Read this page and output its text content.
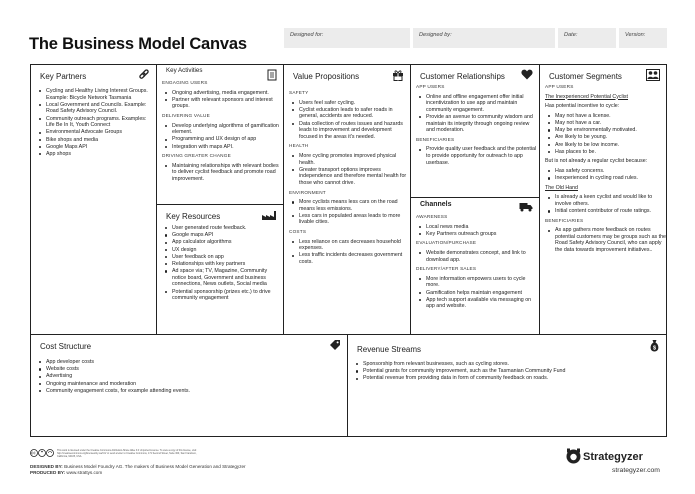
The Business Model Canvas	Designed for:	Designed by:	Date:	Version:
Key Partners
Cycling and Healthy Living Interest Groups. Example: Bicycle Network Tasmania
Local Government and Councils. Example: Road Safety Advisory Council.
Community outreach programs. Examples: Life Be In It, Youth Connect
Environmental Advocate Groups
Bike shops and media
Google Maps API
App shops
Key Activities
ENGAGING USERS
Ongoing advertising, media engagement.
Partner with relevant sponsors and interest groups.
DELIVERING VALUE
Develop underlying algorithms of gamification element.
Programming and UX design of app
Integration with maps API.
DRIVING GREATER CHANGE
Maintaining relationships with relevant bodies to deliver cyclist feedback and promote road improvement.
Key Resources
User generated route feedback.
Google maps API
App calculator algorithms
UX design
User feedback on app
Relationships with key partners
Ad space via; TV, Magazine, Community notice board, Government and business connections, News outlets, Social media
Potential sponsorship (prizes etc.) to drive community engagement
Value Propositions
SAFETY
Users feel safer cycling.
Cyclist education leads to safer roads in general, accidents are reduced.
Data collection of routes issues and hazards leads to improvement and development focused in the areas it's needed.
HEALTH
More cycling promotes improved physical health.
Greater transport options improves independence and therefore mental health for those who cannot drive.
ENVIRONMENT
More cyclists means less cars on the road means less emissions.
Less cars in populated areas leads to more livable cities.
COSTS
Less reliance on cars decreases household expenses.
Less traffic incidents decreases government costs.
Customer Relationships
APP USERS
Online and offline engagement offer initial incentivization to use app and maintain community engagement.
Provide an avenue to community wisdom and maintain its integrity through ongoing review and moderation.
BENEFICIARIES
Provide quality user feedback and the potential to provide opportunity for outreach to app userbase.
Channels
AWARENESS
Local news media
Key Partners outreach groups
EVALUATION/PURCHASE
Website demonstrates concept, and link to download app.
DELIVERY/AFTER SALES
More information empowers users to cycle more.
Gamification helps maintain engagement
App tech support available via messaging on app and website.
Customer Segments
APP USERS
The Inexperienced Potential Cyclist
Has potential incentive to cycle:
May not have a license.
May not have a car.
May be environmentally motivated.
Are likely to be young.
Are likely to be low income.
Has places to be.
But is not already a regular cyclist because:
Has safety concerns.
Inexperienced in cycling road rules.
The Old Hand
Is already a keen cyclist and would like to involve others.
Initial content contributor of route ratings.
BENEFICIARIES
As app gathers more feedback on routes potential customers may be groups such as the Road Safety Advisory Council, who can apply the data towards improvement initiatives..
Cost Structure
App developer costs
Website costs
Advertising
Ongoing maintenance and moderation
Community engagement costs, for example attending events.
Revenue Streams	$
Sponsorship from relevant businesses, such as cycling stores.
Potential grants for community improvement, such as the Tasmanian Community Fund
Potential revenue from providing data in form of community feedback on roads.
This work is licensed under the Creative Commons Attribution-Share Alike 3.0 Unported License. To view a copy of this license, visit: http://creativecommons.org/licenses/by-sa/3.0/ or send a letter to Creative Commons, 171 Second Street, Suite 300, San Francisco, California, 94105, USA.
DESIGNED BY: Business Model Foundry AG. The makers of Business Model Generation and Strategyzer
PRODUCED BY: www.strattys.com
Strategyzer
strategyzer.com
